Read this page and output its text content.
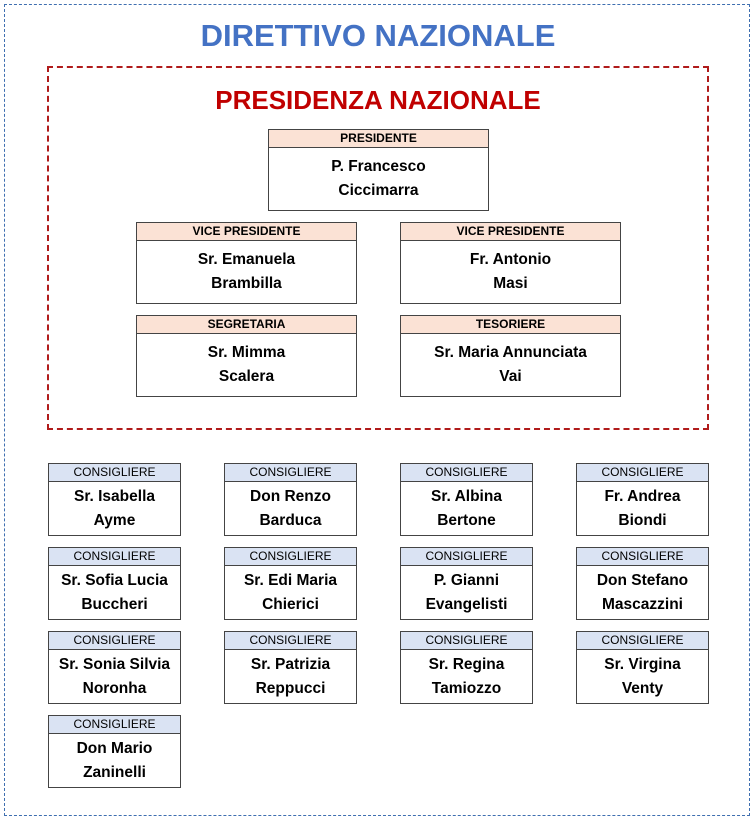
DIRETTIVO NAZIONALE
PRESIDENZA NAZIONALE
PRESIDENTE
P. Francesco
Ciccimarra
VICE PRESIDENTE
Sr. Emanuela
Brambilla
VICE PRESIDENTE
Fr. Antonio
Masi
SEGRETARIA
Sr. Mimma
Scalera
TESORIERE
Sr. Maria Annunciata
Vai
CONSIGLIERE
Sr. Isabella
Ayme
CONSIGLIERE
Don Renzo
Barduca
CONSIGLIERE
Sr. Albina
Bertone
CONSIGLIERE
Fr. Andrea
Biondi
CONSIGLIERE
Sr. Sofia Lucia
Buccheri
CONSIGLIERE
Sr. Edi Maria
Chierici
CONSIGLIERE
P. Gianni
Evangelisti
CONSIGLIERE
Don Stefano
Mascazzini
CONSIGLIERE
Sr. Sonia Silvia
Noronha
CONSIGLIERE
Sr. Patrizia
Reppucci
CONSIGLIERE
Sr. Regina
Tamiozzo
CONSIGLIERE
Sr. Virgina
Venty
CONSIGLIERE
Don Mario
Zaninelli
